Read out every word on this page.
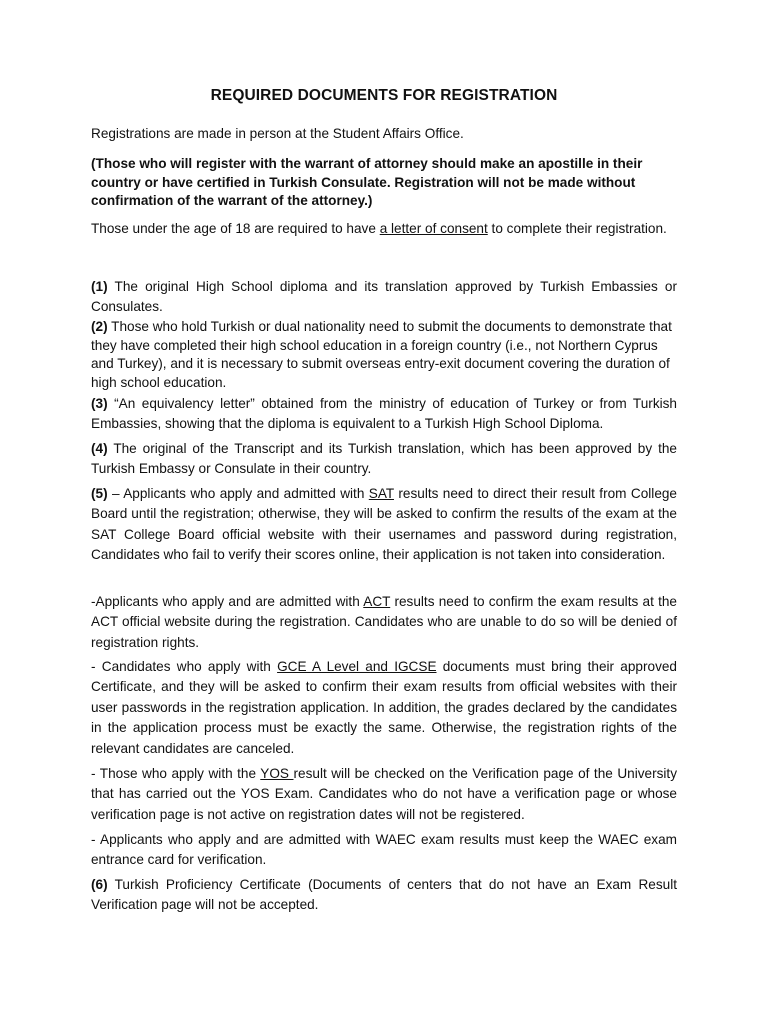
REQUIRED DOCUMENTS FOR REGISTRATION

Registrations are made in person at the Student Affairs Office.

(Those who will register with the warrant of attorney should make an apostille in their country or have certified in Turkish Consulate. Registration will not be made without confirmation of the warrant of the attorney.)

Those under the age of 18 are required to have a letter of consent to complete their registration.

(1) The original High School diploma and its translation approved by Turkish Embassies or Consulates.

(2) Those who hold Turkish or dual nationality need to submit the documents to demonstrate that they have completed their high school education in a foreign country (i.e., not Northern Cyprus and Turkey), and it is necessary to submit overseas entry-exit document covering the duration of high school education.

(3) “An equivalency letter” obtained from the ministry of education of Turkey or from Turkish Embassies, showing that the diploma is equivalent to a Turkish High School Diploma.

(4) The original of the Transcript and its Turkish translation, which has been approved by the Turkish Embassy or Consulate in their country.

(5) – Applicants who apply and admitted with SAT results need to direct their result from College Board until the registration; otherwise, they will be asked to confirm the results of the exam at the SAT College Board official website with their usernames and password during registration, Candidates who fail to verify their scores online, their application is not taken into consideration.

-Applicants who apply and are admitted with ACT results need to confirm the exam results at the ACT official website during the registration. Candidates who are unable to do so will be denied of registration rights.

- Candidates who apply with GCE A Level and IGCSE documents must bring their approved Certificate, and they will be asked to confirm their exam results from official websites with their user passwords in the registration application. In addition, the grades declared by the candidates in the application process must be exactly the same. Otherwise, the registration rights of the relevant candidates are canceled.

- Those who apply with the YOS result will be checked on the Verification page of the University that has carried out the YOS Exam. Candidates who do not have a verification page or whose verification page is not active on registration dates will not be registered.

- Applicants who apply and are admitted with WAEC exam results must keep the WAEC exam entrance card for verification.

(6) Turkish Proficiency Certificate (Documents of centers that do not have an Exam Result Verification page will not be accepted.
